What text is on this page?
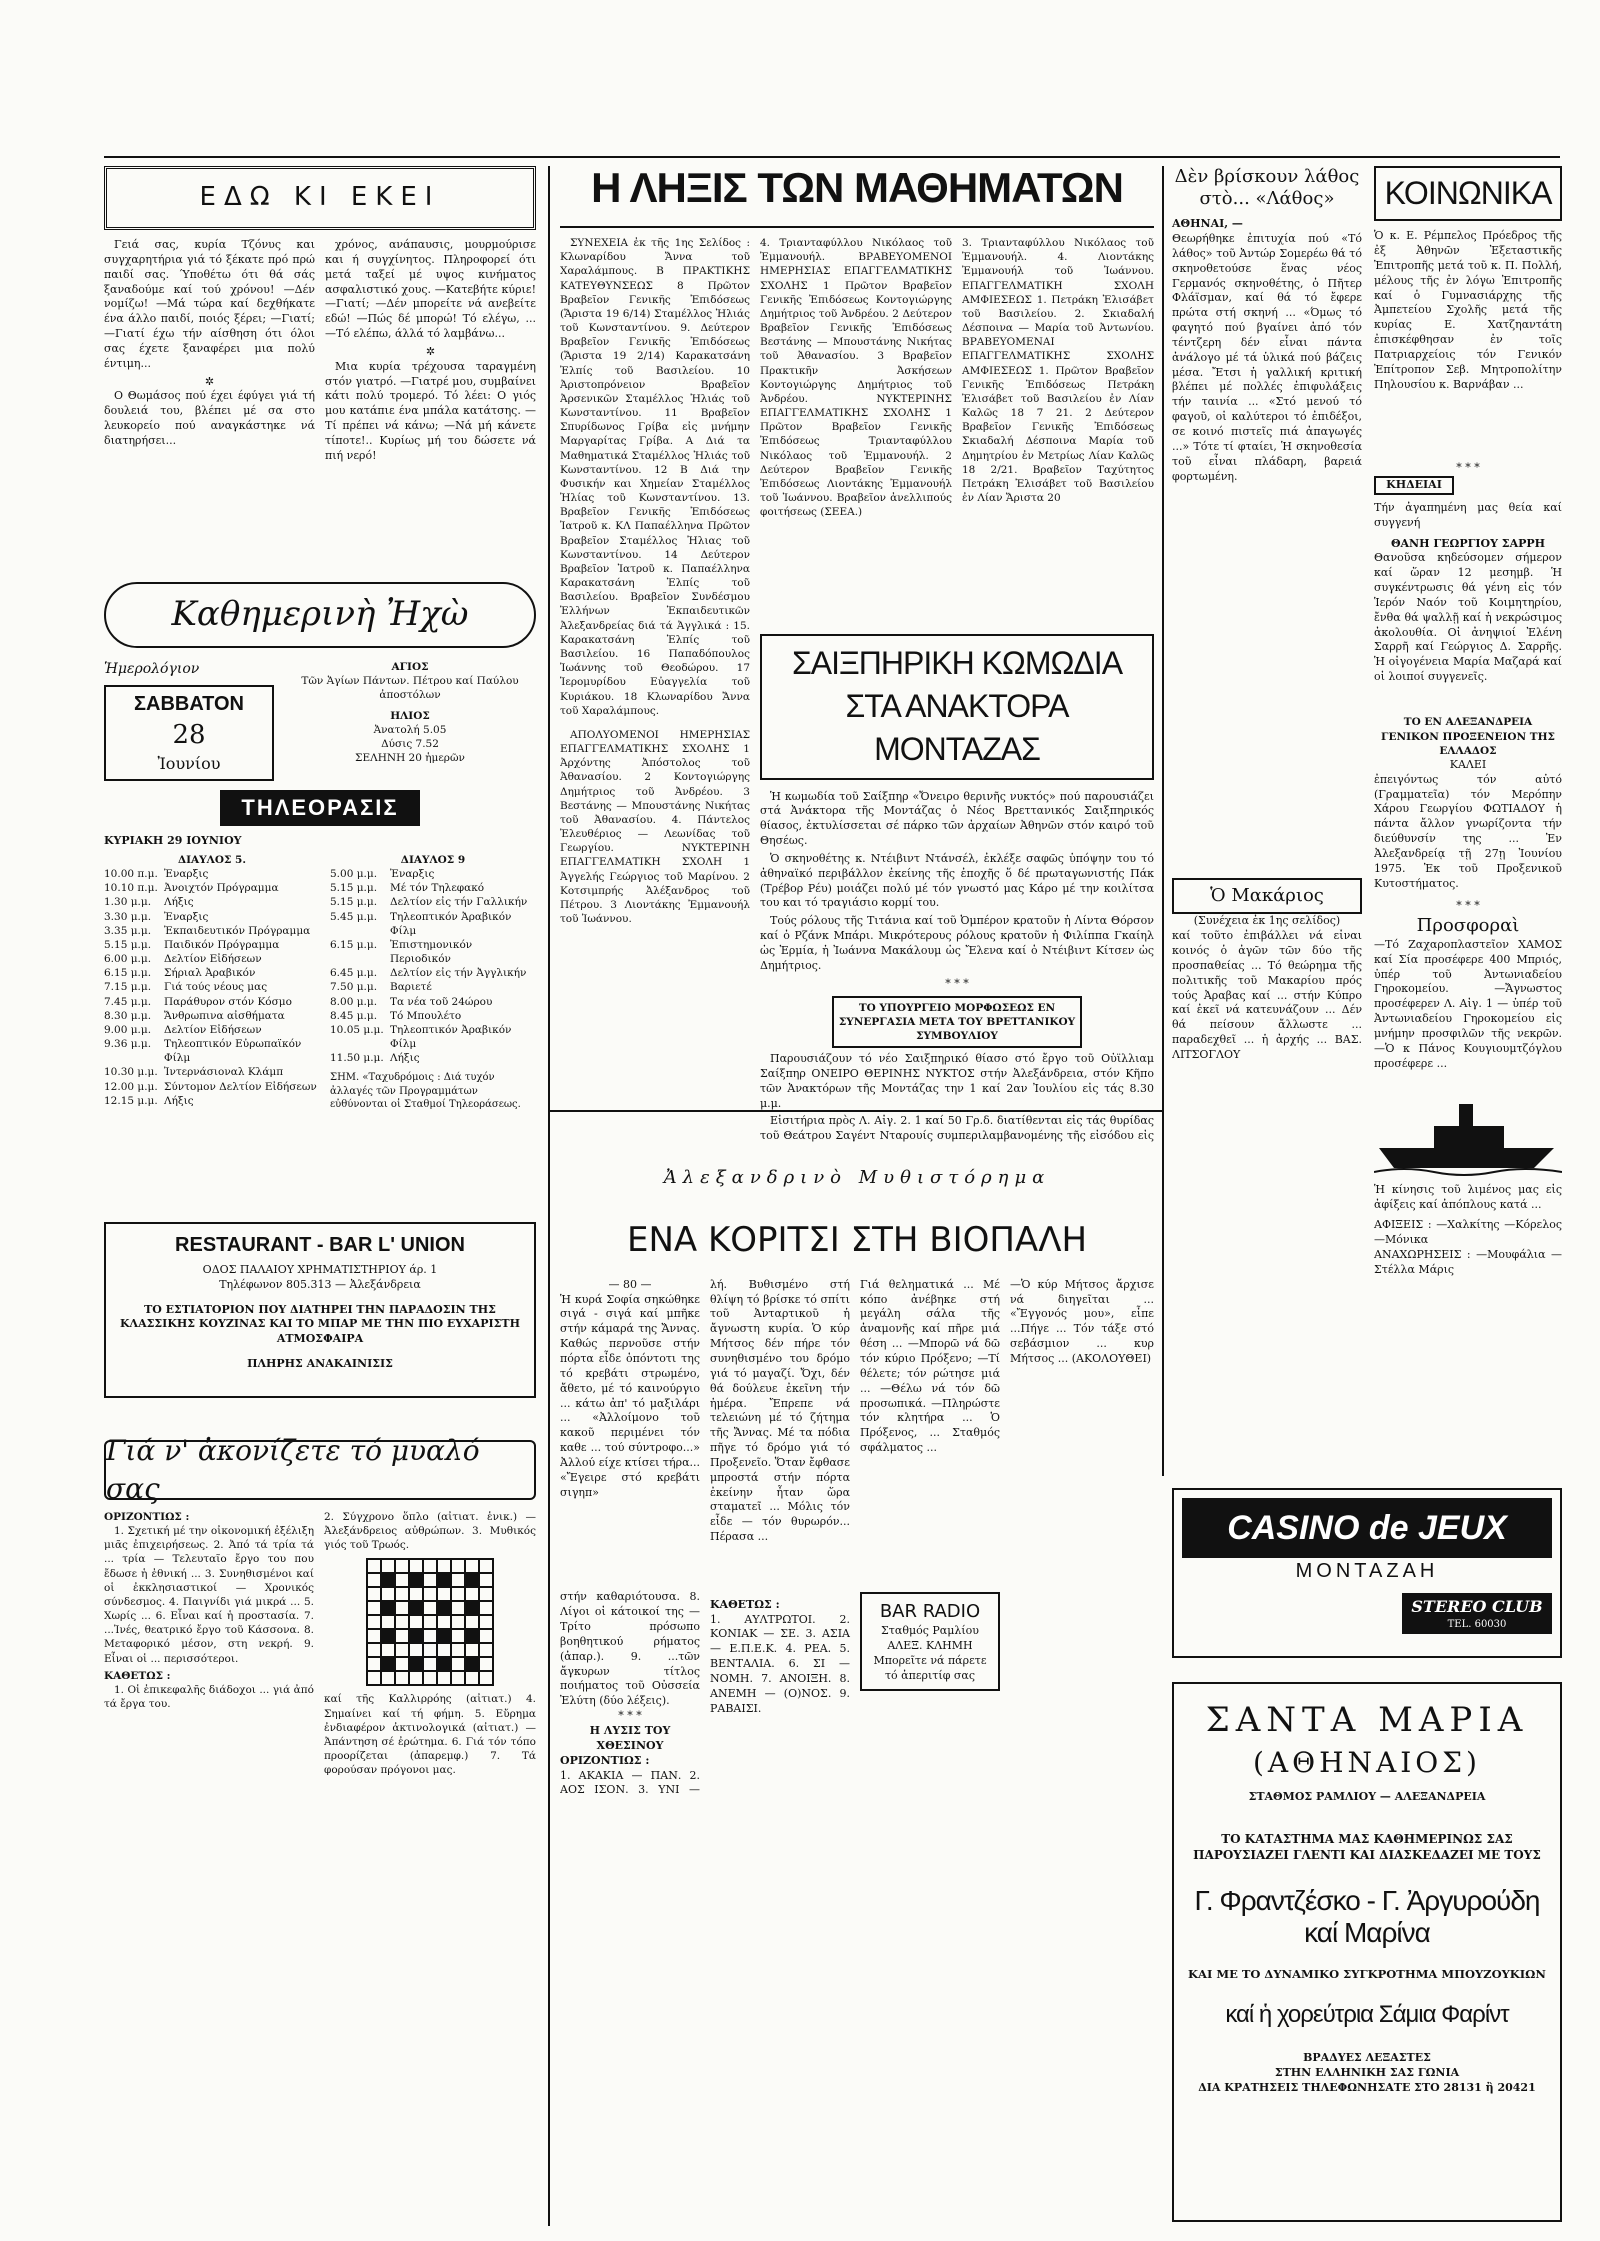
ΕΔΩ ΚΙ ΕΚΕΙ

Γειά σας, κυρία Τζόνυς και συγχαρητήρια γιά τό ξέκατε πρό πρώ παιδί σας. Ύποθέτω ότι θά σάς ξαναδούμε καί τού χρόνου! —Δέν νομίζω! —Μά τώρα καί δεχθήκατε ένα άλλο παιδί, ποιός ξέρει; —Γιατί; —Γιατί έχω τήν αίσθηση ότι όλοι σας έχετε ξαναφέρει μια πολύ έντιμη...

✲

Ο Θωμάσος πού έχει έφύγει γιά τή δουλειά του, βλέπει μέ σα στο λευκορείο πού αναγκάστηκε νά διατηρήσει...

χρόνος, ανάπαυσις, μουρμούρισε και ή συγχίνητος. Πληροφορεί ότι μετά ταξεί μέ υψος κινήματος ασφαλιστικό χους. —Κατεβήτε κύριε! —Γιατί; —Δέν μπορείτε νά ανεβείτε εδώ! —Πώς δέ μπορώ! Τό ελέγω, ... —Τό ελέπω, άλλά τό λαμβάνω...

✲

Μια κυρία τρέχουσα ταραγμένη στόν γιατρό. —Γιατρέ μου, συμβαίνει κάτι πολύ τρομερό. Τό λέει: Ο γιός μου κατάπιε ένα μπάλα κατάτσης. —Τί πρέπει νά κάνω; —Νά μή κάνετε τίποτε!.. Κυρίως μή του δώσετε νά πιή νερό!

Καθημερινὴ Ἠχὼ
Ἡμερολόγιον
ΣΑΒΒΑΤΟΝ
28
Ἰουνίου
ΑΓΙΟΣ
Τῶν Ἁγίων Πάντων. Πέτρου καί Παύλου ἀποστόλων
ΗΛΙΟΣ
Ἀνατολή 5.05
Δύσις 7.52
ΣΕΛΗΝΗ 20 ἡμερῶν
ΤΗΛΕΟΡΑΣΙΣ
ΚΥΡΙΑΚΗ 29 ΙΟΥΝΙΟΥ
ΔΙΑΥΛΟΣ 5.
10.00 π.μ. Ἐναρξις
10.10 π.μ. Ἀνοιχτόν Πρόγραμμα
1.30 μ.μ.	Λήξις
3.30 μ.μ.	Ἐναρξις
3.35 μ.μ.	Ἐκπαιδευτικόν Πρόγραμμα
5.15 μ.μ.	Παιδικόν Πρόγραμμα
6.00 μ.μ.	Δελτίον Εἰδήσεων
6.15 μ.μ.	Σήριαλ Ἀραβικόν
7.15 μ.μ.	Γιά τούς νέους μας
7.45 μ.μ.	Παράθυρον στόν Κόσμο
8.30 μ.μ.	Ἄνθρωπινα αἰσθήματα
9.00 μ.μ.	Δελτίον Εἰδήσεων
9.36 μ.μ.	Τηλεοπτικόν Εὐρωπαϊκόν Φίλμ
10.30 μ.μ. Ἰντερνάσιοναλ Κλάμπ
12.00 μ.μ. Σύντομον Δελτίον Εἰδήσεων
12.15 μ.μ. Λήξις
ΔΙΑΥΛΟΣ 9
5.00 μ.μ.	Ἐναρξις
5.15 μ.μ.	Μέ τόν Τηλεφακό
5.15 μ.μ.	Δελτίον εἰς τήν Γαλλικήν
5.45 μ.μ.	Τηλεοπτικόν Ἀραβικόν Φίλμ
6.15 μ.μ.	Ἐπιστημονικόν Περιοδικόν
6.45 μ.μ.	Δελτίον εἰς τήν Ἀγγλικήν
7.50 μ.μ.	Βαριετέ
8.00 μ.μ.	Τα νέα τοῦ 24ώρου
8.45 μ.μ.	Τό Μπουλέτο
10.05 μ.μ. Τηλεοπτικόν Ἀραβικόν Φίλμ
11.50 μ.μ. Λήξις
ΣΗΜ. «Ταχυδρόμοις : Διά τυχόν ἀλλαγές τῶν Προγραμμάτων εὐθύνονται οἱ Σταθμοί Τηλεοράσεως.
RESTAURANT - BAR L' UNION
ΟΔΟΣ ΠΑΛΑΙΟΥ ΧΡΗΜΑΤΙΣΤΗΡΙΟΥ άρ. 1
Τηλέφωνον 805.313 — Ἀλεξάνδρεια
ΤΟ ΕΣΤΙΑΤΟΡΙΟΝ ΠΟΥ ΔΙΑΤΗΡΕΙ ΤΗΝ ΠΑΡΑΔΟΣΙΝ ΤΗΣ ΚΛΑΣΣΙΚΗΣ ΚΟΥΖΙΝΑΣ ΚΑΙ ΤΟ ΜΠΑΡ ΜΕ ΤΗΝ ΠΙΟ ΕΥΧΑΡΙΣΤΗ ΑΤΜΟΣΦΑΙΡΑ
ΠΛΗΡΗΣ ΑΝΑΚΑΙΝΙΣΙΣ
Γιά ν' ἀκονίζετε τό μυαλό σας
ΟΡΙΖΟΝΤΙΩΣ :

1. Σχετική μέ την οἰκονομική ἐξέλιξη μιᾶς ἐπιχειρήσεως. 2. Ἀπό τά τρία τά ... τρία — Τελευταῖο ἔργο του που ἔδωσε ἡ ἐθνική ... 3. Συνηθισμένοι καί οἱ ἐκκλησιαστικοί — Χρονικός σύνδεσμος. 4. Παιγνίδι γιά μικρά ... 5. Χωρίς ... 6. Εἶναι καί ἡ προστασία. 7. ...Ἰνές, θεατρικό ἔργο τοῦ Κάσσονα. 8. Μεταφορικό μέσον, στη νεκρή. 9. Εἶναι οἱ ... περισσότεροι.

ΚΑΘΕΤΩΣ :

1. Οἱ ἐπικεφαλῆς διάδοχοι ... γιά ἀπό τά ἔργα του.

2. Σύγχρονο ὅπλο (αἰτιατ. ἑνικ.) — Ἀλεξάνδρειος αὐθρώπων. 3. Μυθικός γιός τοῦ Τρωός.
καί τῆς Καλλιρρόης (αἰτιατ.) 4. Σημαίνει καί τή φήμη. 5. Εὔρημα ἐνδιαφέρον ἀκτινολογικά (αἰτιατ.) — Ἀπάντηση σέ ἐρώτημα. 6. Γιά τόν τόπο προορίζεται (ἀπαρεμφ.) 7. Τά φορούσαν πρόγονοι μας.
Η ΛΗΞΙΣ ΤΩΝ ΜΑΘΗΜΑΤΩΝ

ΣΥΝΕΧΕΙΑ ἐκ τῆς 1ης Σελίδος : Κλωναρίδου Ἄννα τοῦ Χαραλάμπους. Β ΠΡΑΚΤΙΚΗΣ ΚΑΤΕΥΘΥΝΣΕΩΣ 8 Πρῶτον Βραβεῖον Γενικῆς Ἐπιδόσεως (Ἄριστα 19 6/14) Σταμέλλος Ἠλιάς τοῦ Κωνσταντίνου. 9. Δεύτερον Βραβεῖον Γενικῆς Ἐπιδόσεως (Ἄριστα 19 2/14) Καρακατσάνη Ἐλπίς τοῦ Βασιλείου. 10 Ἀριστοπρόνειον Βραβεῖον Ἀρσενικῶν Σταμέλλος Ἠλιάς τοῦ Κωνσταντίνου. 11 Βραβεῖον Σπυρίδωνος Γρίβα εἰς μνήμην Μαργαρίτας Γρίβα. Α Διά τα Μαθηματικά Σταμέλλος Ἠλιάς τοῦ Κωνσταντίνου. 12 Β Διά την Φυσικήν και Χημείαν Σταμέλλος Ἠλίας τοῦ Κωνσταντίνου. 13. Βραβεῖον Γενικῆς Ἐπιδόσεως Ἰατροῦ κ. ΚΛ Παπαέλληνα Πρῶτον Βραβεῖον Σταμέλλος Ἠλιας τοῦ Κωνσταντίνου. 14 Δεύτερον Βραβεῖον Ἰατροῦ κ. Παπαέλληνα Καρακατσάνη Ἐλπίς τοῦ Βασιλείου. Βραβεῖον Συνδέσμου Ἑλλήνων Ἐκπαιδευτικῶν Ἀλεξανδρείας διά τά Ἀγγλικά : 15. Καρακατσάνη Ἐλπίς τοῦ Βασιλείου. 16 Παπαδόπουλος Ἰωάννης τοῦ Θεοδώρου. 17 Ἱερομυρίδου Εὐαγγελία τοῦ Κυριάκου. 18 Κλωναρίδου Ἄννα τοῦ Χαραλάμπους.

ΑΠΟΛΥΟΜΕΝΟΙ ΗΜΕΡΗΣΙΑΣ ΕΠΑΓΓΕΛΜΑΤΙΚΗΣ ΣΧΟΛΗΣ 1 Ἀρχόντης Ἀπόστολος τοῦ Ἀθανασίου. 2 Κοντογιώργης Δημήτριος τοῦ Ἀνδρέου. 3 Βεστάνης — Μπουστάνης Νικήτας τοῦ Ἀθανασίου. 4. Πάντελος Ἐλευθέριος — Λεωνίδας τοῦ Γεωργίου. ΝΥΚΤΕΡΙΝΗ ΕΠΑΓΓΕΛΜΑΤΙΚΗ ΣΧΟΛΗ 1 Ἀγγελής Γεώργιος τοῦ Μαρίνου. 2 Κοτσιμπρής Ἀλέξανδρος τοῦ Πέτρου. 3 Λιοντάκης Ἐμμανουήλ τοῦ Ἰωάννου.

4. Τριανταφύλλου Νικόλαος τοῦ Ἐμμανουήλ. ΒΡΑΒΕΥΟΜΕΝΟΙ ΗΜΕΡΗΣΙΑΣ ΕΠΑΓΓΕΛΜΑΤΙΚΗΣ ΣΧΟΛΗΣ 1 Πρῶτον Βραβεῖον Γενικῆς Ἐπιδόσεως Κοντογιώργης Δημήτριος τοῦ Ἀνδρέου. 2 Δεύτερον Βραβεῖον Γενικῆς Ἐπιδόσεως Βεστάνης — Μπουστάνης Νικήτας τοῦ Ἀθανασίου. 3 Βραβεῖον Πρακτικῆν Ἀσκήσεων Κοντογιώργης Δημήτριος τοῦ Ἀνδρέου. ΝΥΚΤΕΡΙΝΗΣ ΕΠΑΓΓΕΛΜΑΤΙΚΗΣ ΣΧΟΛΗΣ 1 Πρῶτον Βραβεῖον Γενικῆς Ἐπιδόσεως Τριανταφύλλου Νικόλαος τοῦ Ἐμμανουήλ. 2 Δεύτερον Βραβεῖον Γενικῆς Ἐπιδόσεως Λιοντάκης Ἐμμανουήλ τοῦ Ἰωάννου. Βραβεῖον ἀνελλιπούς φοιτήσεως (ΣΕΕΑ.)
3. Τριανταφύλλου Νικόλαος τοῦ Ἐμμανουήλ. 4. Λιοντάκης Ἐμμανουήλ τοῦ Ἰωάννου. ΕΠΑΓΓΕΛΜΑΤΙΚΗ ΣΧΟΛΗ ΑΜΦΙΕΣΕΩΣ 1. Πετράκη Ἐλισάβετ τοῦ Βασιλείου. 2. Σκιαδαλή Δέσποινα — Μαρία τοῦ Ἀντωνίου. ΒΡΑΒΕΥΟΜΕΝΑΙ ΕΠΑΓΓΕΛΜΑΤΙΚΗΣ ΣΧΟΛΗΣ ΑΜΦΙΕΣΕΩΣ 1. Πρῶτον Βραβεῖον Γενικῆς Ἐπιδόσεως Πετράκη Ἐλισάβετ τοῦ Βασιλείου ἐν Λίαν Καλῶς 18 7 21. 2 Δεύτερον Βραβεῖον Γενικῆς Ἐπιδόσεως Σκιαδαλή Δέσποινα Μαρία τοῦ Δημητρίου ἐν Μετρίως Λίαν Καλῶς 18 2/21. Βραβεῖον Ταχύτητος Πετράκη Ἐλισάβετ τοῦ Βασιλείου ἐν Λίαν Ἄριστα 20
ΣΑΙΞΠΗΡΙΚΗ ΚΩΜΩΔΙΑ
ΣΤΑ ΑΝΑΚΤΟΡΑ ΜΟΝΤΑΖΑΣ

Ἡ κωμωδία τοῦ Σαίξπηρ «Ὄνειρο θερινῆς νυκτός» πού παρουσιάζει στά Ἀνάκτορα τῆς Μοντάζας ὁ Νέος Βρεττανικός Σαιξπηρικός θίασος, ἐκτυλίσσεται σέ πάρκο τῶν ἀρχαίων Ἀθηνῶν στόν καιρό τοῦ Θησέως.

Ὁ σκηνοθέτης κ. Ντέιβιντ Ντάνσέλ, ἐκλέξε σαφῶς ὑπόψην του τό ἀθηναϊκό περιβάλλον ἐκείνης τῆς ἐποχῆς ὅ δέ πρωταγωνιστής Πάκ (Τρέβορ Ρέυ) μοιάζει πολύ μέ τόν γνωστό μας Κάρο μέ την κοιλίτσα του και τό τραγιάσιο κορμί του.

Τούς ρόλους τῆς Τιτάνια καί τοῦ Ὀμπέρον κρατοῦν ἡ Λίντα Θόρσον καί ὁ Ρζάνκ Μπάρι. Μικρότερους ρόλους κρατοῦν ἡ Φιλίππα Γκαίηλ ὡς Ἑρμία, ἡ Ἰωάννα Μακάλουμ ὡς Ἔλενα καί ὁ Ντέιβιντ Κίτσεν ὡς Δημήτριος.

* * *
ΤΟ ΥΠΟΥΡΓΕΙΟ ΜΟΡΦΩΣΕΩΣ ΕΝ ΣΥΝΕΡΓΑΣΙΑ ΜΕΤΑ ΤΟΥ ΒΡΕΤΤΑΝΙΚΟΥ ΣΥΜΒΟΥΛΙΟΥ

Παρουσιάζουν τό νέο Σαιξπηρικό θίασο στό ἔργο τοῦ Οὐϊλλιαμ Σαίξπηρ ΟΝΕΙΡΟ ΘΕΡΙΝΗΣ ΝΥΚΤΟΣ στήν Ἀλεξάνδρεια, στόν Κῆπο τῶν Ἀνακτόρων τῆς Μοντάζας την 1 καί 2αν Ἰουλίου εἰς τάς 8.30 μ.μ.

Εἰσιτήρια πρὸς Λ. Αἰγ. 2. 1 καί 50 Γρ.δ. διατίθενται εἰς τάς θυρίδας τοῦ Θεάτρου Σαγέντ Νταρουίς συμπεριλαμβανομένης τῆς εἰσόδου εἰς

Ἀλεξανδρινὸ Μυθιστόρημα
ΕΝΑ ΚΟΡΙΤΣΙ ΣΤΗ ΒΙΟΠΑΛΗ
— 80 —
Ἡ κυρά Σοφία σηκώθηκε σιγά - σιγά καί μπῆκε στήν κάμαρά της Ἄννας. Καθώς περνοῦσε στήν πόρτα εἶδε ὁπόντοτι της τό κρεβάτι στρωμένο, ἄθετο, μέ τό καινούργιο ... κάτω ἀπ' τό μαξιλάρι ... «Ἀλλοίμονο τοῦ κακοῦ περιμένει τόν καθε ... τού σύντροφο...» Ἀλλού είχε κτίσει τήρα... «Ἔγειρε στό κρεβάτι σιγηπ»
στήν καθαριότουσα. 8. Λίγοι οἱ κάτοικοί της — Τρίτο πρόσωπο βοηθητικού ρήματος (ἀπαρ.). 9. ...τῶν ἄγκυρων τίτλος ποιήματος τοῦ Οὐσσεία Ἐλύτη (δύο λέξεις).
* * *
Η ΛΥΣΙΣ ΤΟΥ ΧΘΕΣΙΝΟΥ
ΟΡΙΖΟΝΤΙΩΣ :
1. ΑΚΑΚΙΑ — ΠΑΝ. 2. ΑΟΣ ΙΣΟΝ. 3. ΥΝΙ —
λή. Βυθισμένο στή θλίψη τό βρίσκε τό σπίτι τοῦ Ἀνταρτικοῦ ἡ ἄγνωστη κυρία. Ὁ κύρ Μήτσος δέν πήρε τόν συνηθισμένο του δρόμο γιά τό μαγαζί. Ὄχι, δέν θά δούλευε ἐκεῖνη τήν ἡμέρα. Ἔπρεπε νά τελειώνη μέ τό ζήτημα τῆς Ἄννας. Μέ τα πόδια πῆγε τό δρόμο γιά τό Προξενεῖο. Ὅταν ἔφθασε μπροστά στήν πόρτα ἐκείνην ἦταν ὥρα σταματεῖ ... Μόλις τόν εἶδε — τόν θυρωρόν... Πέρασα ...
ΚΑΘΕΤΩΣ :
1. ΑΥΛΤΡΩΤΟΙ. 2. ΚΟΝΙΑΚ — ΣΕ. 3. ΑΣΙΑ — Ε.Π.Ε.Κ. 4. ΡΕΑ. 5. ΒΕΝΤΑΛΙΑ. 6. ΣΙ — ΝΟΜΗ. 7. ΑΝΟΙΞΗ. 8. ΑΝΕΜΗ — (Ο)ΝΟΣ. 9. ΡΑΒΑΙΣΙ.
Γιά θεληματικά ... Μέ κόπο ἀνέβηκε στή μεγάλη σάλα τῆς ἀναμονῆς καί πῆρε μιά θέση ... —Μπορῶ νά δῶ τόν κύριο Πρόξενο; —Τί θέλετε; τόν ρώτησε μιά ... —Θέλω νά τόν δῶ προσωπικά. —Πληρώστε τόν κλητήρα ... Ὁ Πρόξενος, ... Σταθμός σφάλματος ...
BAR RADIO
Σταθμός Ραμλίου
ΑΛΕΞ. ΚΛΗΜΗ
Μπορεῖτε νά πάρετε τό ἀπεριτίφ σας
—Ὁ κύρ Μήτσος ἄρχισε νά διηγεῖται ... «Ἔγγονός μου», εἶπε ...Πήγε ... Τόν τάξε στό σεβάσμιον ... κυρ Μήτσος ... (ΑΚΟΛΟΥΘΕΙ)
Δὲν βρίσκουν λάθος στὸ... «Λάθος»
ΑΘΗΝΑΙ, —
Θεωρήθηκε ἐπιτυχία πού «Τό λάθος» τοῦ Ἀντώρ Σομερέω θά τό σκηνοθετούσε ἕνας νέος Γερμανός σκηνοθέτης, ὁ Πῆτερ Φλάϊσμαν, καί θά τό ἔφερε πρώτα στή σκηνή ... «Όμως τό φαγητό πού βγαίνει ἀπό τόν τέντζερη δέν εἶναι πάντα ἀνάλογο μέ τά ὑλικά πού βάζεις μέσα. Ἔτσι ἡ γαλλική κριτική βλέπει μέ πολλές ἐπιφυλάξεις τήν ταινία ... «Στό μενού τό φαγοῦ, οἱ καλύτεροι τό ἐπιδέξοι, σε κοινό πιστεῖς πιά ἀπαγωγές ...» Τότε τί φταίει, Ἡ σκηνοθεσία τοῦ εἶναι πλάδαρη, βαρειά φορτωμένη.
Ὁ Μακάριος
(Συνέχεια ἐκ 1ης σελίδος)
καί τοῦτο ἐπιβάλλει νά εἶναι κοινός ὁ ἀγῶν τῶν δύο τῆς προσπαθείας ... Τό θεώρημα τῆς πολιτικῆς τοῦ Μακαρίου πρός τούς Ἀραβας καί ... στήν Κύπρο καί ἐκεῖ νά κατευνάζουν ... Δέν θά πείσουν ἄλλωστε ... παραδεχθεῖ ... ἡ ἀρχής ... ΒΑΣ. ΛΙΤΣΟΓΛΟΥ
ΚΟΙΝΩΝΙΚΑ
Ὁ κ. Ε. Ρέμπελος Πρόεδρος τῆς ἐξ Ἀθηνῶν Ἐξεταστικῆς Ἐπιτροπῆς μετά τοῦ κ. Π. Πολλή, μέλους τῆς ἐν λόγω Ἐπιτροπῆς καί ὁ Γυμνασιάρχης τῆς Ἀμπετείου Σχολῆς μετά τῆς κυρίας Ε. Χατζηαντάτη ἐπισκέφθησαν ἐν τοῖς Πατριαρχείοις τόν Γενικόν Ἐπίτροπον Σεβ. Μητροπολίτην Πηλουσίου κ. Βαρνάβαν ...
* * *
ΚΗΔΕΙΑΙ
Τήν ἀγαπημένη μας θεία καί συγγενή
ΘΑΝΗ ΓΕΩΡΓΙΟΥ ΣΑΡΡΗ
Θανοῦσα κηδεύσομεν σήμερον καί ὥραν 12 μεσημβ. Ἡ συγκέντρωσις θά γένη εἰς τόν Ἱερόν Ναόν τοῦ Κοιμητηρίου, ἔνθα θά ψαλλῇ καί ἡ νεκρώσιμος ἀκολουθία. Οἱ ἀνηψιοί Ἐλένη Σαρρῆ καί Γεώργιος Δ. Σαρρῆς. Ἡ οἰγογένεια Μαρία Μαζαρά καί οἱ λοιποί συγγενεῖς.
ΤΟ ΕΝ ΑΛΕΞΑΝΔΡΕΙΑ ΓΕΝΙΚΟΝ ΠΡΟΞΕΝΕΙΟΝ ΤΗΣ ΕΛΛΑΔΟΣ
ΚΑΛΕΙ
ἐπειγόντως τόν αὐτό (Γραμματεῖα) τόν Μερόπην Χάρου Γεωργίου ΦΩΤΙΑΔΟΥ ἡ πάντα ἄλλον γνωρίζοντα τήν διεύθυνσίν της ... Ἐν Ἀλεξανδρείᾳ τῇ 27ῃ Ἰουνίου 1975. Ἐκ τοῦ Προξενικοῦ Κυτοστήματος.
* * *
Προσφοραὶ
—Τό Ζαχαροπλαστεῖον ΧΑΜΟΣ καί Σία προσέφερε 400 Μπριός, ὑπέρ τοῦ Ἀντωνιαδείου Γηροκομείου. —Ἄγνωστος προσέφερεν Λ. Αἰγ. 1 — ὑπέρ τοῦ Ἀντωνιαδείου Γηροκομείου εἰς μνήμην προσφιλῶν τῆς νεκρῶν. —Ὁ κ Πάνος Κουγιουμτζόγλου προσέφερε ...
Ἡ κίνησις τοῦ λιμένος μας εἰς ἀφίξεις καί ἀπόπλους κατά ...
ΑΦΙΞΕΙΣ : —Χαλκίτης —Κόρελος —Μόνικα
ΑΝΑΧΩΡΗΣΕΙΣ : —Μουφάλια —Στέλλα Μάρις
CASINO de JEUX
MONTAZAH
STEREO CLUB
TEL. 60030
ΣΑΝΤΑ ΜΑΡΙΑ
(ΑΘΗΝΑΙΟΣ)
ΣΤΑΘΜΟΣ ΡΑΜΛΙΟΥ — ΑΛΕΞΑΝΔΡΕΙΑ
ΤΟ ΚΑΤΑΣΤΗΜΑ ΜΑΣ ΚΑΘΗΜΕΡΙΝΩΣ ΣΑΣ ΠΑΡΟΥΣΙΑΖΕΙ ΓΛΕΝΤΙ ΚΑΙ ΔΙΑΣΚΕΔΑΖΕΙ ΜΕ ΤΟΥΣ
Γ. Φραντζέσκο - Γ. Ἀργυρούδη καί Μαρίνα
ΚΑΙ ΜΕ ΤΟ ΔΥΝΑΜΙΚΟ ΣΥΓΚΡΟΤΗΜΑ ΜΠΟΥΖΟΥΚΙΩΝ
καί ἡ χορεύτρια Σάμια Φαρίντ
ΒΡΑΔΥΕΣ ΛΕΞΑΣΤΕΣ
ΣΤΗΝ ΕΛΛΗΝΙΚΗ ΣΑΣ ΓΩΝΙΑ
ΔΙΑ ΚΡΑΤΗΣΕΙΣ ΤΗΛΕΦΩΝΗΣΑΤΕ ΣΤΟ 28131 ἢ 20421
